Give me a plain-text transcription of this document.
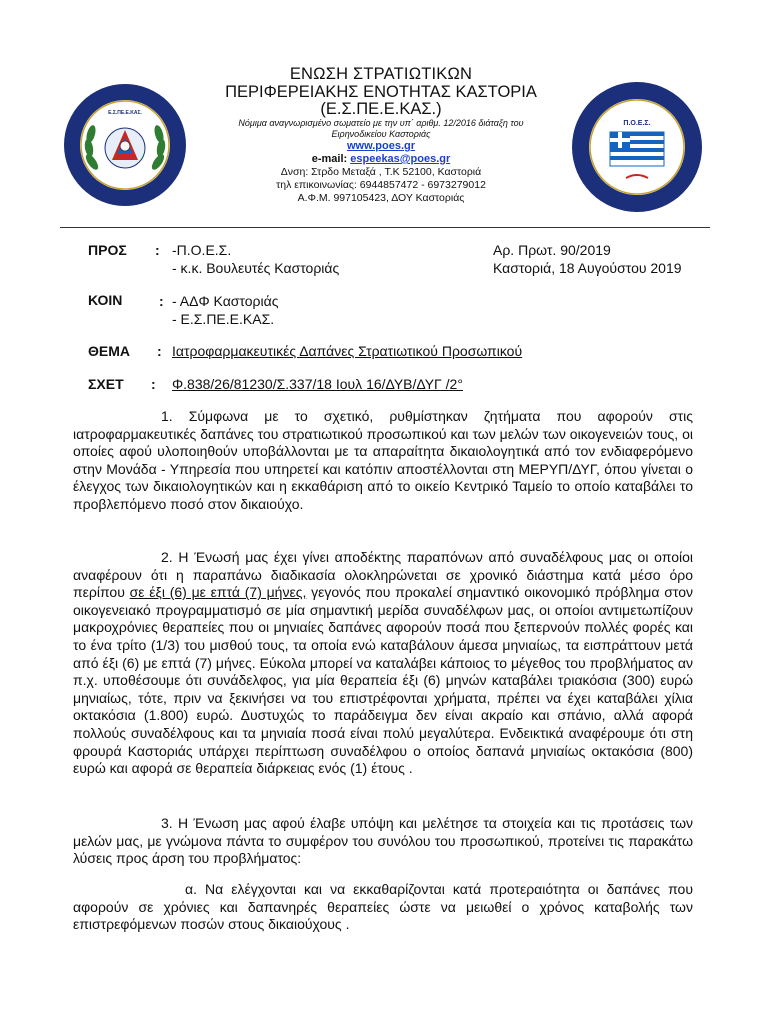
Ε.Σ.ΠΕ.Ε.ΚΑΣ.
2016
Π.Ο.Ε.Σ.
2013
ΕΝΩΣΗ ΣΤΡΑΤΙΩΤΙΚΩΝ
ΠΕΡΙΦΕΡΕΙΑΚΗΣ ΕΝΟΤΗΤΑΣ ΚΑΣΤΟΡΙΑ
(Ε.Σ.ΠΕ.Ε.ΚΑΣ.)
Νόμιμα αναγνωρισμένο σωματείο με την υπ΄ αριθμ. 12/2016 διάταξη του
Ειρηνοδικείου Καστοριάς
www.poes.gr
e-mail: espeekas@poes.gr
Δνση: Στρδο Μεταξά , Τ.Κ 52100, Καστοριά
τηλ επικοινωνίας: 6944857472 - 6973279012
Α.Φ.Μ. 997105423, ΔΟΥ Καστοριάς
ΠΡΟΣ : -Π.Ο.Ε.Σ.
- κ.κ. Βουλευτές Καστοριάς
Αρ. Πρωτ. 90/2019
Καστοριά, 18 Αυγούστου 2019
ΚΟΙΝ	: - ΑΔΦ Καστοριάς
- Ε.Σ.ΠΕ.Ε.ΚΑΣ.
ΘΕΜΑ : Ιατροφαρμακευτικές Δαπάνες Στρατιωτικού Προσωπικού
ΣΧΕΤ : Φ.838/26/81230/Σ.337/18 Ιουλ 16/ΔΥΒ/ΔΥΓ /2°

1. Σύμφωνα με το σχετικό, ρυθμίστηκαν ζητήματα που αφορούν στις ιατροφαρμακευτικές δαπάνες του στρατιωτικού προσωπικού και των μελών των οικογενειών τους, οι οποίες αφού υλοποιηθούν υποβάλλονται με τα απαραίτητα δικαιολογητικά από τον ενδιαφερόμενο στην Μονάδα - Υπηρεσία που υπηρετεί και κατόπιν αποστέλλονται στη ΜΕΡΥΠ/ΔΥΓ, όπου γίνεται ο έλεγχος των δικαιολογητικών και η εκκαθάριση από το οικείο Κεντρικό Ταμείο το οποίο καταβάλει το προβλεπόμενο ποσό στον δικαιούχο.

2. Η Ένωσή μας έχει γίνει αποδέκτης παραπόνων από συναδέλφους μας οι οποίοι αναφέρουν ότι η παραπάνω διαδικασία ολοκληρώνεται σε χρονικό διάστημα κατά μέσο όρο περίπου σε έξι (6) με επτά (7) μήνες, γεγονός που προκαλεί σημαντικό οικονομικό πρόβλημα στον οικογενειακό προγραμματισμό σε μία σημαντική μερίδα συναδέλφων μας, οι οποίοι αντιμετωπίζουν μακροχρόνιες θεραπείες που οι μηνιαίες δαπάνες αφορούν ποσά που ξεπερνούν πολλές φορές και το ένα τρίτο (1/3) του μισθού τους, τα οποία ενώ καταβάλουν άμεσα μηνιαίως, τα εισπράττουν μετά από έξι (6) με επτά (7) μήνες. Εύκολα μπορεί να καταλάβει κάποιος το μέγεθος του προβλήματος αν π.χ. υποθέσουμε ότι συνάδελφος, για μία θεραπεία έξι (6) μηνών καταβάλει τριακόσια (300) ευρώ μηνιαίως, τότε, πριν να ξεκινήσει να του επιστρέφονται χρήματα, πρέπει να έχει καταβάλει χίλια οκτακόσια (1.800) ευρώ. Δυστυχώς το παράδειγμα δεν είναι ακραίο και σπάνιο, αλλά αφορά πολλούς συναδέλφους και τα μηνιαία ποσά είναι πολύ μεγαλύτερα. Ενδεικτικά αναφέρουμε ότι στη φρουρά Καστοριάς υπάρχει περίπτωση συναδέλφου ο οποίος δαπανά μηνιαίως οκτακόσια (800) ευρώ και αφορά σε θεραπεία διάρκειας ενός (1) έτους .

3. Η Ένωση μας αφού έλαβε υπόψη και μελέτησε τα στοιχεία και τις προτάσεις των μελών μας, με γνώμονα πάντα το συμφέρον του συνόλου του προσωπικού, προτείνει τις παρακάτω λύσεις προς άρση του προβλήματος:

α. Να ελέγχονται και να εκκαθαρίζονται κατά προτεραιότητα οι δαπάνες που αφορούν σε χρόνιες και δαπανηρές θεραπείες ώστε να μειωθεί ο χρόνος καταβολής των επιστρεφόμενων ποσών στους δικαιούχους .
